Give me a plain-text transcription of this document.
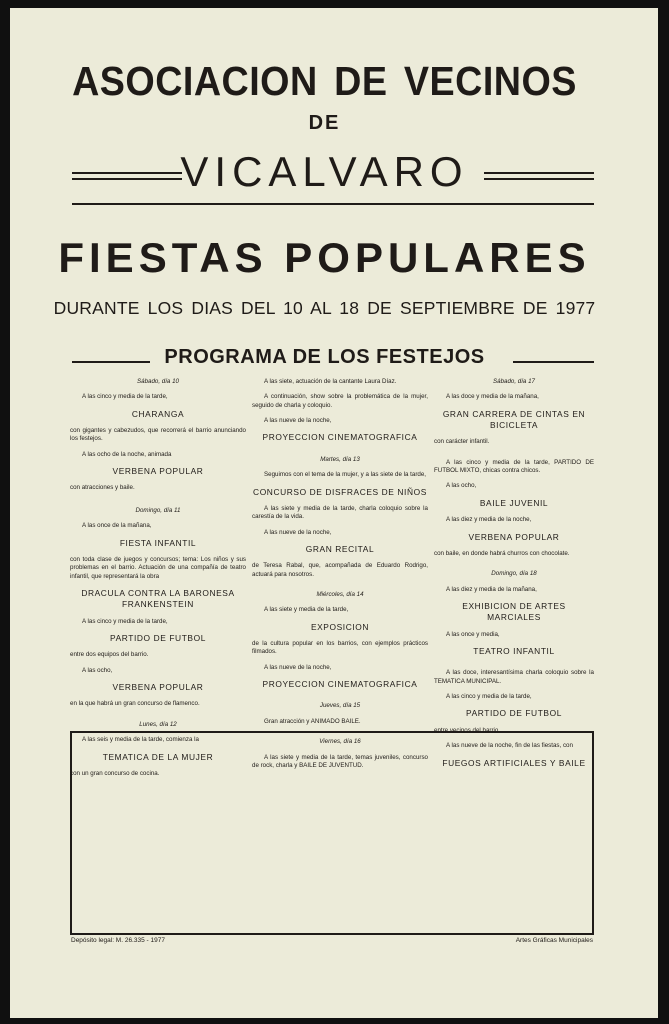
ASOCIACION DE VECINOS
DE
VICALVARO
FIESTAS POPULARES
DURANTE LOS DIAS DEL 10 AL 18 DE SEPTIEMBRE DE 1977
PROGRAMA DE LOS FESTEJOS

Sábado, día 10

A las cinco y media de la tarde,

CHARANGA

con gigantes y cabezudos, que recorrerá el barrio anunciando los festejos.

A las ocho de la noche, animada

VERBENA POPULAR

con atracciones y baile.

Domingo, día 11

A las once de la mañana,

FIESTA INFANTIL

con toda clase de juegos y concursos; tema: Los niños y sus problemas en el barrio. Actuación de una compañía de teatro infantil, que representará la obra

DRACULA CONTRA LA BARONESA FRANKENSTEIN

A las cinco y media de la tarde,

PARTIDO DE FUTBOL

entre dos equipos del barrio.

A las ocho,

VERBENA POPULAR

en la que habrá un gran concurso de flamenco.

Lunes, día 12

A las seis y media de la tarde, comienza la

TEMATICA DE LA MUJER

con un gran concurso de cocina.

A las siete, actuación de la cantante Laura Díaz.

A continuación, show sobre la problemática de la mujer, seguido de charla y coloquio.

A las nueve de la noche,

PROYECCION CINEMATOGRAFICA

Martes, día 13

Seguimos con el tema de la mujer, y a las siete de la tarde,

CONCURSO DE DISFRACES DE NIÑOS

A las siete y media de la tarde, charla coloquio sobre la carestía de la vida.

A las nueve de la noche,

GRAN RECITAL

de Teresa Rabal, que, acompañada de Eduardo Rodrigo, actuará para nosotros.

Miércoles, día 14

A las siete y media de la tarde,

EXPOSICION

de la cultura popular en los barrios, con ejemplos prácticos filmados.

A las nueve de la noche,

PROYECCION CINEMATOGRAFICA

Jueves, día 15

Gran atracción y ANIMADO BAILE.

Viernes, día 16

A las siete y media de la tarde, temas juveniles, concurso de rock, charla y BAILE DE JUVENTUD.

Sábado, día 17

A las doce y media de la mañana,

GRAN CARRERA DE CINTAS EN BICICLETA

con carácter infantil.

A las cinco y media de la tarde, PARTIDO DE FUTBOL MIXTO, chicas contra chicos.

A las ocho,

BAILE JUVENIL

A las diez y media de la noche,

VERBENA POPULAR

con baile, en donde habrá churros con chocolate.

Domingo, día 18

A las diez y media de la mañana,

EXHIBICION DE ARTES MARCIALES

A las once y media,

TEATRO INFANTIL

A las doce, interesantísima charla coloquio sobre la TEMATICA MUNICIPAL.

A las cinco y media de la tarde,

PARTIDO DE FUTBOL

entre vecinos del barrio.

A las nueve de la noche, fin de las fiestas, con

FUEGOS ARTIFICIALES Y BAILE

Depósito legal: M. 26.335 - 1977	Artes Gráficas Municipales
